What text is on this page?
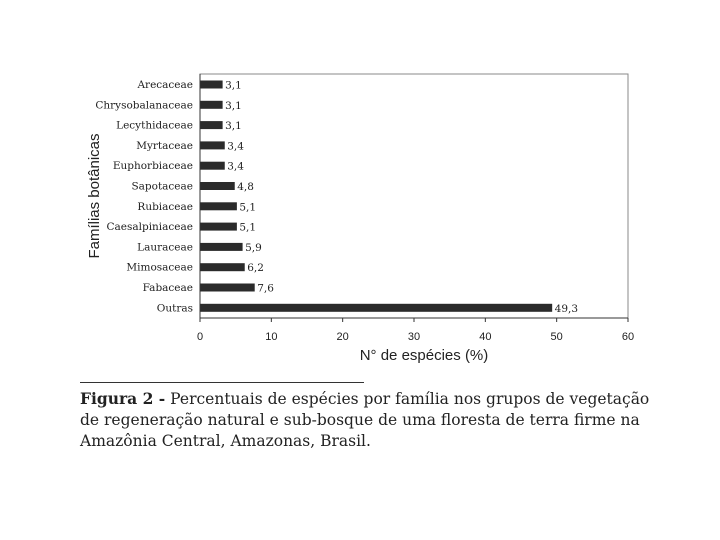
Arecaceae	3,1
Chrysobalanaceae	3,1
Lecythidaceae	3,1
Myrtaceae	3,4
Euphorbiaceae	3,4
Sapotaceae	4,8
Rubiaceae	5,1
Caesalpiniaceae	5,1
Lauraceae	5,9
Mimosaceae	6,2
Fabaceae	7,6
Outras	49,3
0	10	20	30	40	50	60
N° de espécies (%)
Famílias botânicas
Figura 2 - Percentuais de espécies por família nos grupos de vegetação de regeneração natural e sub-bosque de uma floresta de terra firme na Amazônia Central, Amazonas, Brasil.
